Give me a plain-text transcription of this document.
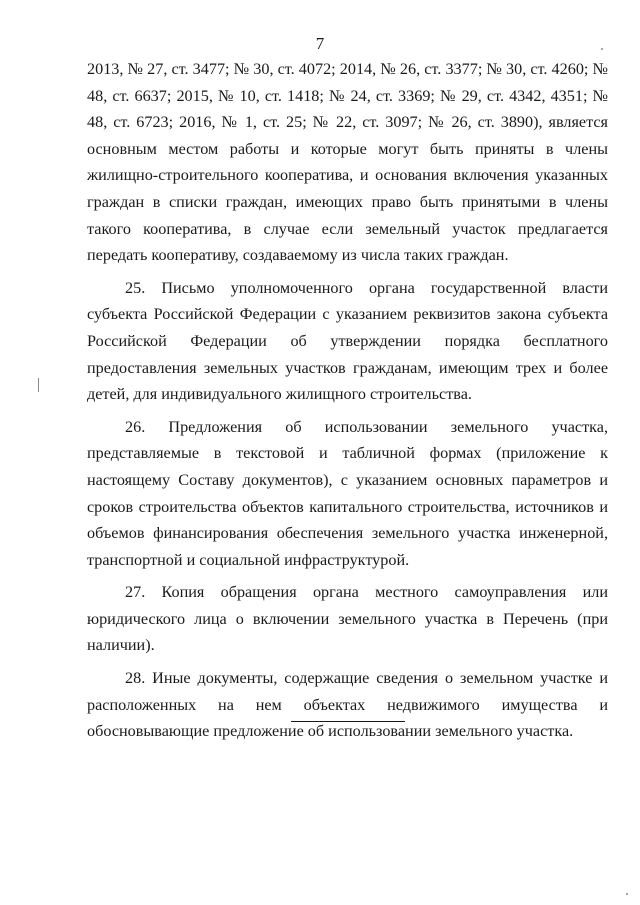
7

2013, № 27, ст. 3477; № 30, ст. 4072; 2014, № 26, ст. 3377; № 30, ст. 4260; № 48, ст. 6637; 2015, № 10, ст. 1418; № 24, ст. 3369; № 29, ст. 4342, 4351; № 48, ст. 6723; 2016, № 1, ст. 25; № 22, ст. 3097; № 26, ст. 3890), является основным местом работы и которые могут быть приняты в члены жилищно-строительного кооператива, и основания включения указанных граждан в списки граждан, имеющих право быть принятыми в члены такого кооператива, в случае если земельный участок предлагается передать кооперативу, создаваемому из числа таких граждан.

25. Письмо уполномоченного органа государственной власти субъекта Российской Федерации с указанием реквизитов закона субъекта Российской Федерации об утверждении порядка бесплатного предоставления земельных участков гражданам, имеющим трех и более детей, для индивидуального жилищного строительства.

26. Предложения об использовании земельного участка, представляемые в текстовой и табличной формах (приложение к настоящему Составу документов), с указанием основных параметров и сроков строительства объектов капитального строительства, источников и объемов финансирования обеспечения земельного участка инженерной, транспортной и социальной инфраструктурой.

27. Копия обращения органа местного самоуправления или юридического лица о включении земельного участка в Перечень (при наличии).

28. Иные документы, содержащие сведения о земельном участке и расположенных на нем объектах недвижимого имущества и обосновывающие предложение об использовании земельного участка.
